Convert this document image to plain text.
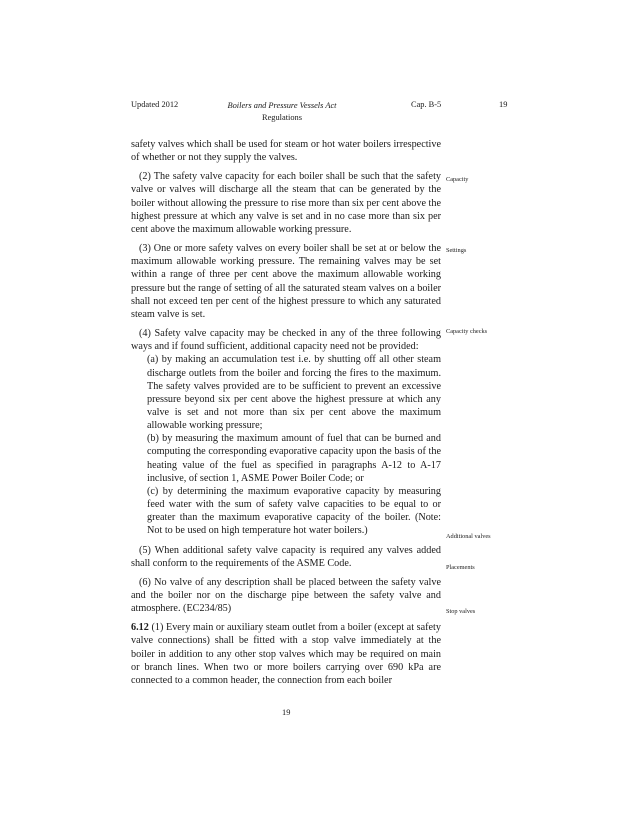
Updated 2012	Boilers and Pressure Vessels Act
Regulations
Cap. B-5	19

safety valves which shall be used for steam or hot water boilers irrespective of whether or not they supply the valves.

(2) The safety valve capacity for each boiler shall be such that the safety valve or valves will discharge all the steam that can be generated by the boiler without allowing the pressure to rise more than six per cent above the highest pressure at which any valve is set and in no case more than six per cent above the maximum allowable working pressure.

(3) One or more safety valves on every boiler shall be set at or below the maximum allowable working pressure. The remaining valves may be set within a range of three per cent above the maximum allowable working pressure but the range of setting of all the saturated steam valves on a boiler shall not exceed ten per cent of the highest pressure to which any saturated steam valve is set.

(4) Safety valve capacity may be checked in any of the three following ways and if found sufficient, additional capacity need not be provided:
(a) by making an accumulation test i.e. by shutting off all other steam discharge outlets from the boiler and forcing the fires to the maximum. The safety valves provided are to be sufficient to prevent an excessive pressure beyond six per cent above the highest pressure at which any valve is set and not more than six per cent above the maximum allowable working pressure;
(b) by measuring the maximum amount of fuel that can be burned and computing the corresponding evaporative capacity upon the basis of the heating value of the fuel as specified in paragraphs A-12 to A-17 inclusive, of section 1, ASME Power Boiler Code; or
(c) by determining the maximum evaporative capacity by measuring feed water with the sum of safety valve capacities to be equal to or greater than the maximum evaporative capacity of the boiler. (Note: Not to be used on high temperature hot water boilers.)

(5) When additional safety valve capacity is required any valves added shall conform to the requirements of the ASME Code.

(6) No valve of any description shall be placed between the safety valve and the boiler nor on the discharge pipe between the safety valve and atmosphere. (EC234/85)

6.12 (1) Every main or auxiliary steam outlet from a boiler (except at safety valve connections) shall be fitted with a stop valve immediately at the boiler in addition to any other stop valves which may be required on main or branch lines. When two or more boilers carrying over 690 kPa are connected to a common header, the connection from each boiler

Capacity
Settings
Capacity checks
Additional valves
Placements
Stop valves
19
